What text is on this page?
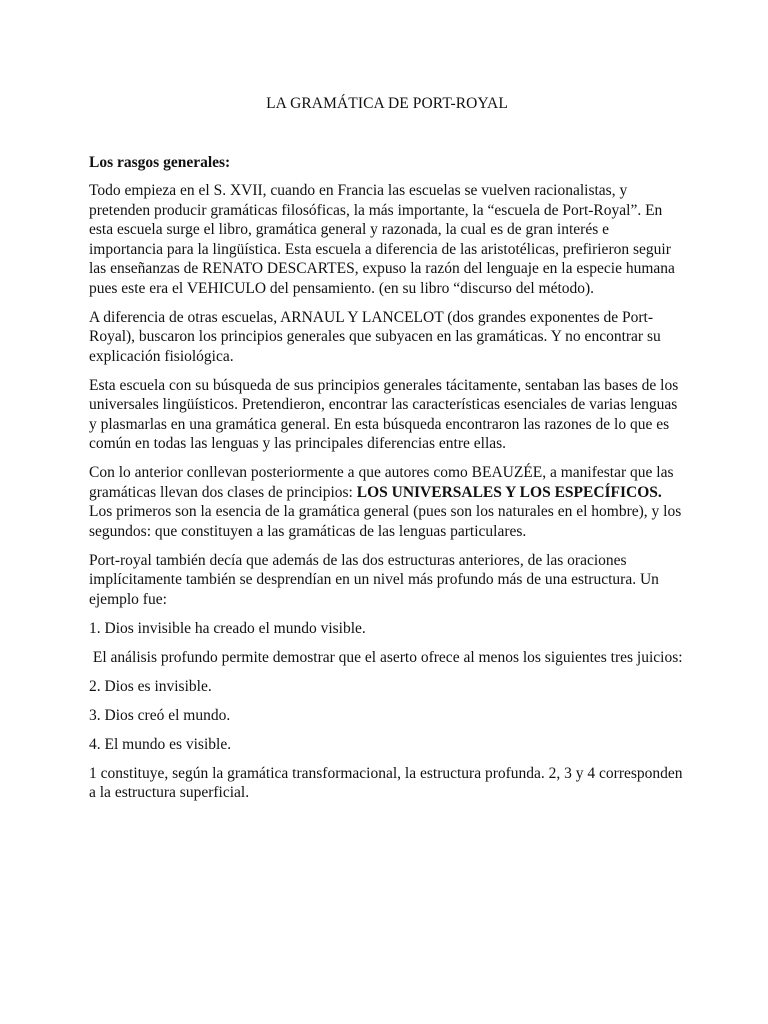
LA GRAMÁTICA DE PORT-ROYAL
Los rasgos generales:

Todo empieza en el S. XVII, cuando en Francia las escuelas se vuelven racionalistas, y pretenden producir gramáticas filosóficas, la más importante, la “escuela de Port-Royal”. En esta escuela surge el libro, gramática general y razonada, la cual es de gran interés e importancia para la lingüística. Esta escuela a diferencia de las aristotélicas, prefirieron seguir las enseñanzas de RENATO DESCARTES, expuso la razón del lenguaje en la especie humana pues este era el VEHICULO del pensamiento. (en su libro “discurso del método).

A diferencia de otras escuelas, ARNAUL Y LANCELOT (dos grandes exponentes de Port-Royal), buscaron los principios generales que subyacen en las gramáticas. Y no encontrar su explicación fisiológica.

Esta escuela con su búsqueda de sus principios generales tácitamente, sentaban las bases de los universales lingüísticos. Pretendieron, encontrar las características esenciales de varias lenguas y plasmarlas en una gramática general. En esta búsqueda encontraron las razones de lo que es común en todas las lenguas y las principales diferencias entre ellas.

Con lo anterior conllevan posteriormente a que autores como BEAUZÉE, a manifestar que las gramáticas llevan dos clases de principios: LOS UNIVERSALES Y LOS ESPECÍFICOS. Los primeros son la esencia de la gramática general (pues son los naturales en el hombre), y los segundos: que constituyen a las gramáticas de las lenguas particulares.

Port-royal también decía que además de las dos estructuras anteriores, de las oraciones implícitamente también se desprendían en un nivel más profundo más de una estructura. Un ejemplo fue:

1. Dios invisible ha creado el mundo visible.

El análisis profundo permite demostrar que el aserto ofrece al menos los siguientes tres juicios:

2. Dios es invisible.

3. Dios creó el mundo.

4. El mundo es visible.

1 constituye, según la gramática transformacional, la estructura profunda. 2, 3 y 4 corresponden a la estructura superficial.
